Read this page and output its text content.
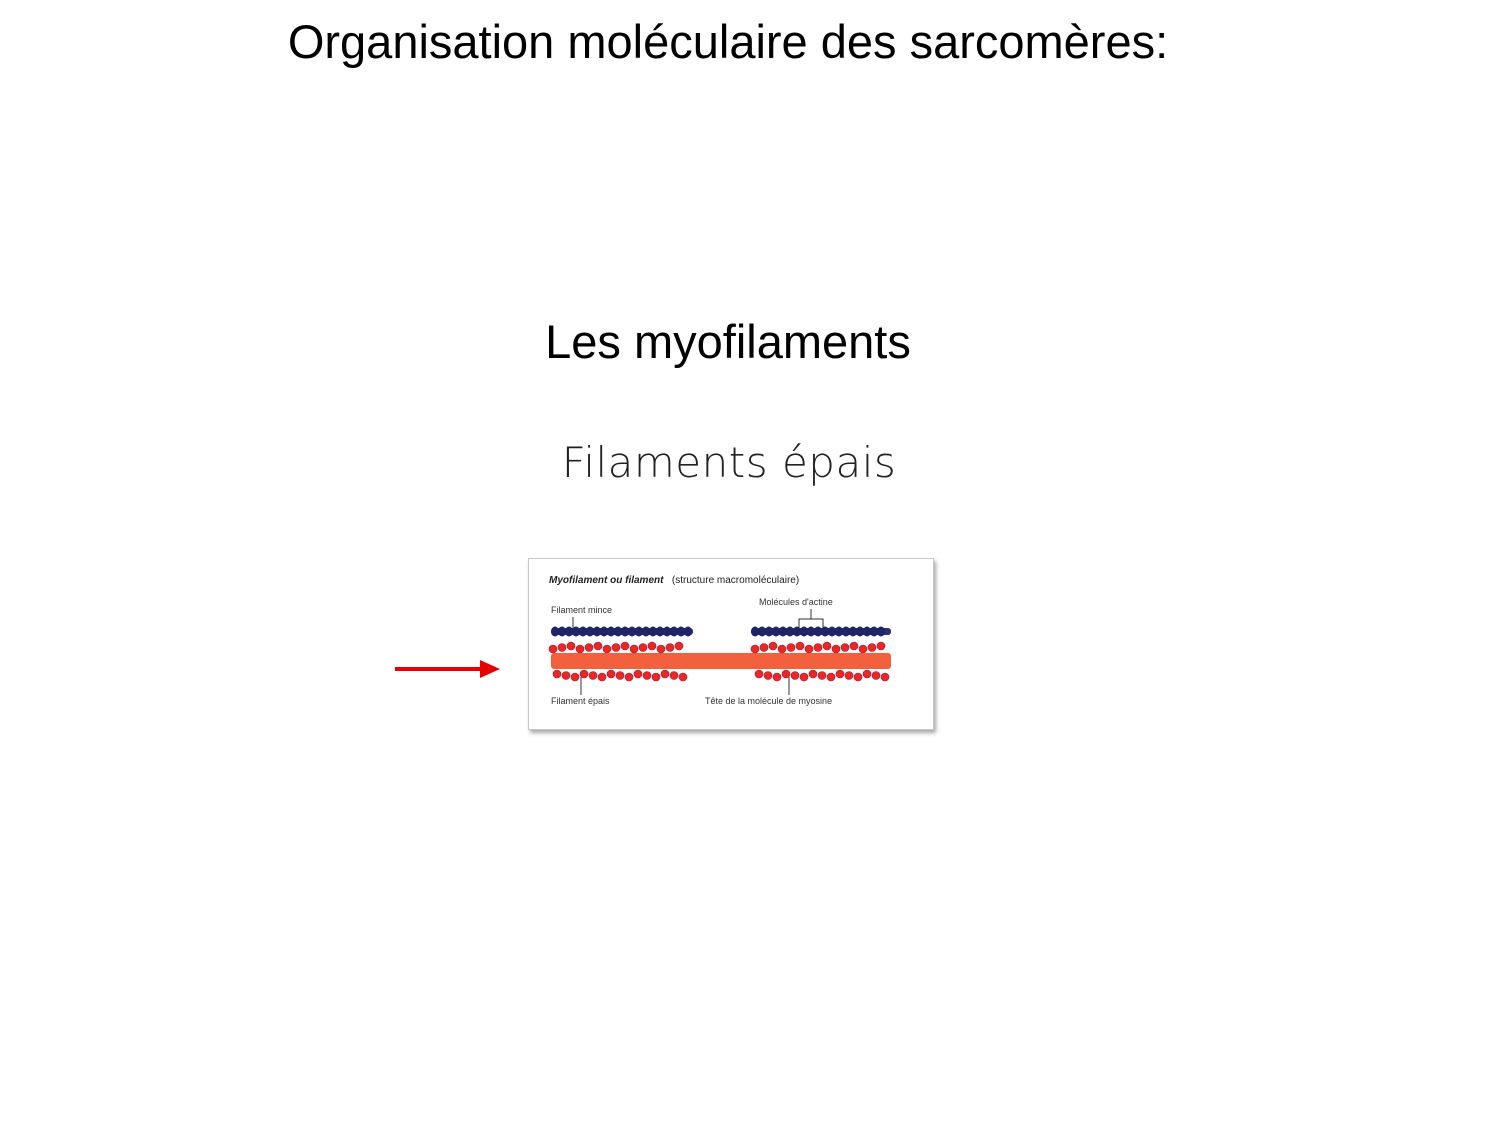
Organisation moléculaire des sarcomères:
Les myofilaments
Filaments épais
Myofilament ou filament (structure macromoléculaire)
Filament mince
Molécules d'actine
Filament épais	Tête de la molécule de myosine
